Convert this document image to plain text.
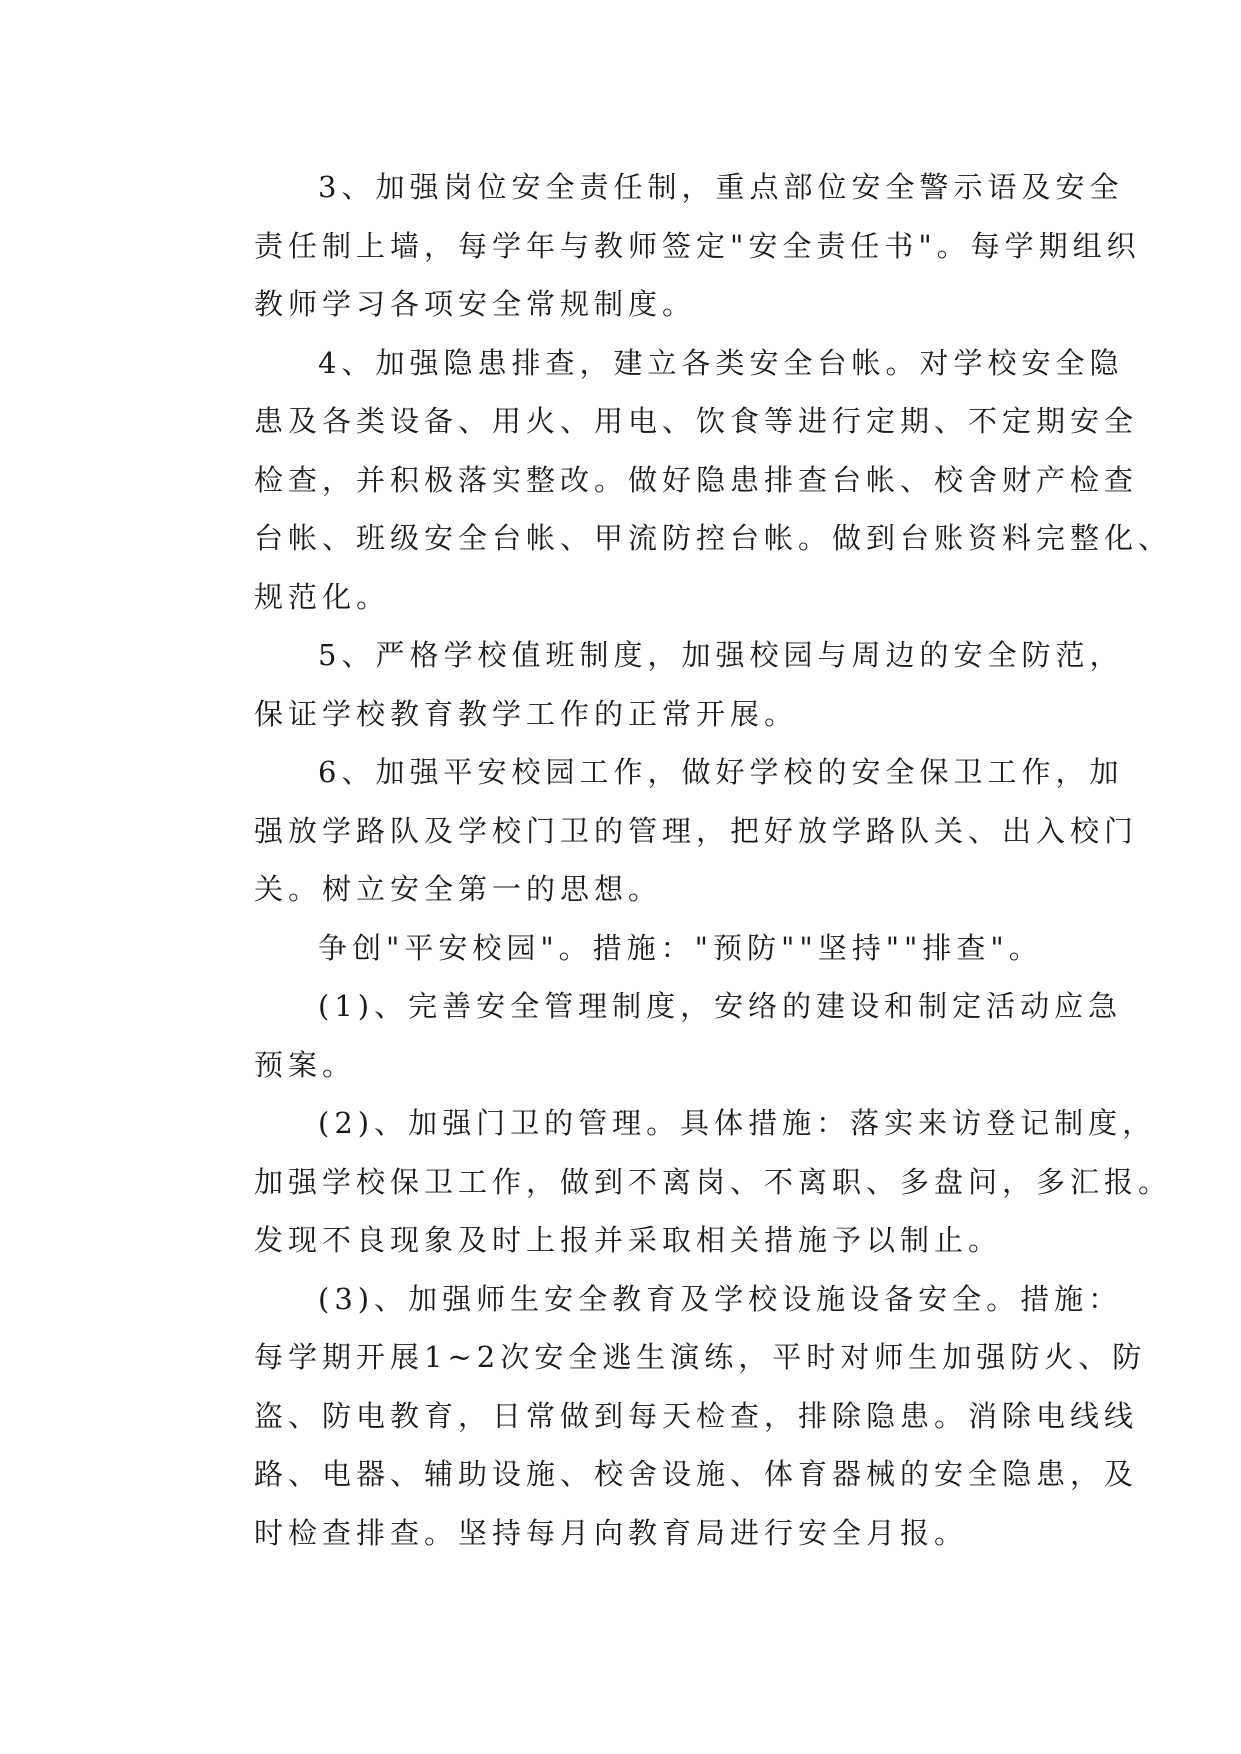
3、加强岗位安全责任制，重点部位安全警示语及安全
责任制上墙，每学年与教师签定"安全责任书"。每学期组织
教师学习各项安全常规制度。
4、加强隐患排查，建立各类安全台帐。对学校安全隐
患及各类设备、用火、用电、饮食等进行定期、不定期安全
检查，并积极落实整改。做好隐患排查台帐、校舍财产检查
台帐、班级安全台帐、甲流防控台帐。做到台账资料完整化、
规范化。
5、严格学校值班制度，加强校园与周边的安全防范，
保证学校教育教学工作的正常开展。
6、加强平安校园工作，做好学校的安全保卫工作，加
强放学路队及学校门卫的管理，把好放学路队关、出入校门
关。树立安全第一的思想。
争创"平安校园"。措施："预防""坚持""排查"。
(1)、完善安全管理制度，安络的建设和制定活动应急
预案。
(2)、加强门卫的管理。具体措施：落实来访登记制度，
加强学校保卫工作，做到不离岗、不离职、多盘问，多汇报。
发现不良现象及时上报并采取相关措施予以制止。
(3)、加强师生安全教育及学校设施设备安全。措施：
每学期开展1~2次安全逃生演练，平时对师生加强防火、防
盗、防电教育，日常做到每天检查，排除隐患。消除电线线
路、电器、辅助设施、校舍设施、体育器械的安全隐患，及
时检查排查。坚持每月向教育局进行安全月报。
